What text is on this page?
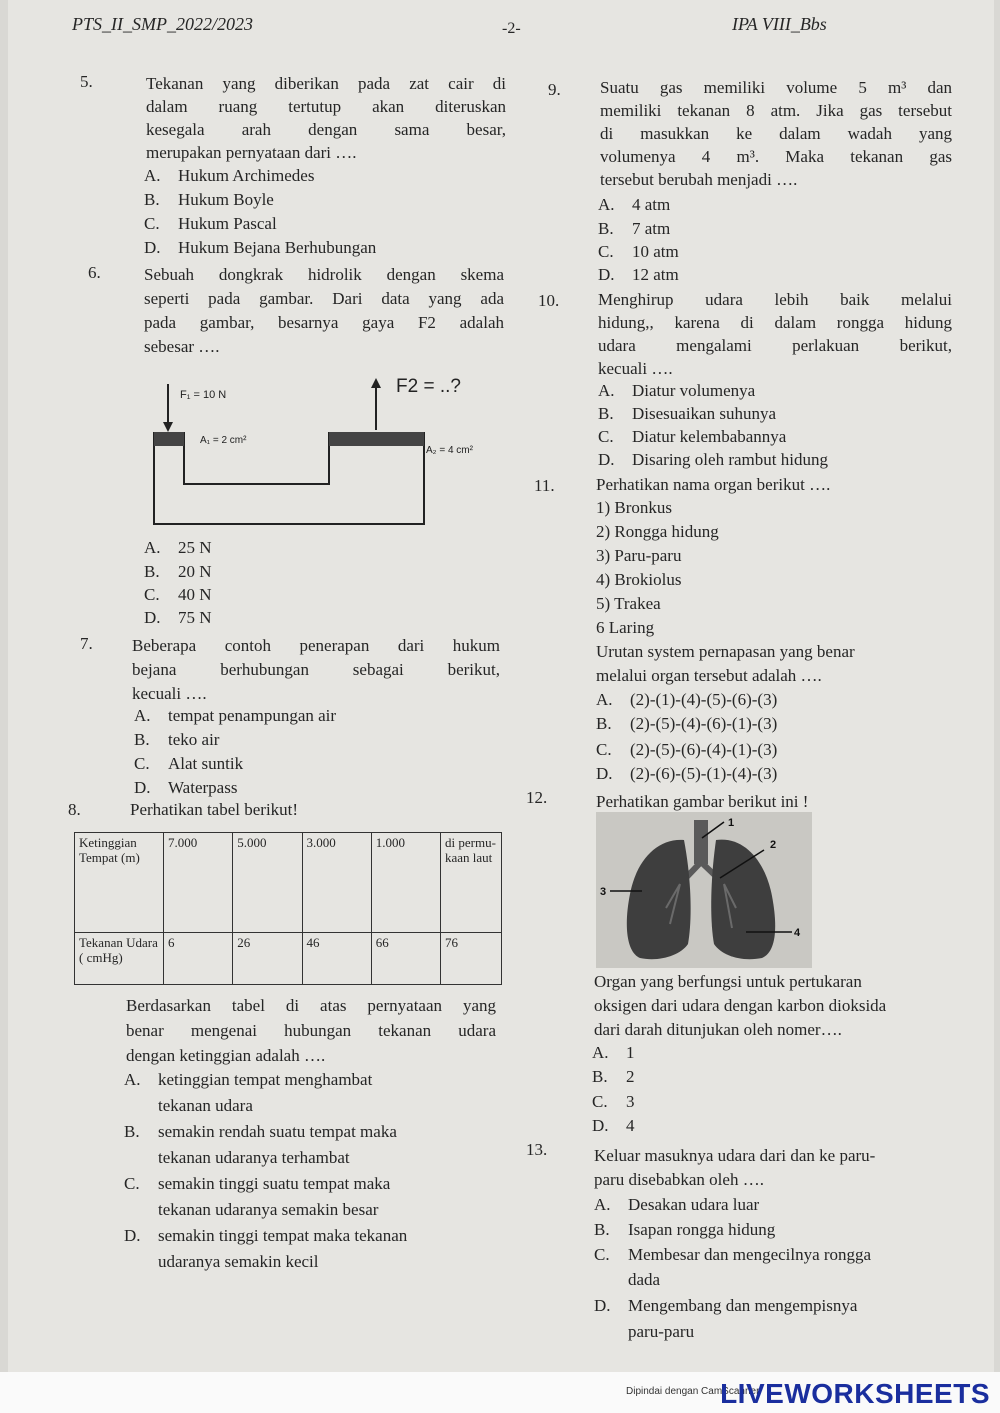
PTS_II_SMP_2022/2023	-2-	IPA VIII_Bbs
5.	Tekanan yang diberikan pada zat cair di
dalam ruang tertutup akan diteruskan
kesegala arah dengan sama besar,
merupakan pernyataan dari ….
A. Hukum Archimedes
B. Hukum Boyle
C. Hukum Pascal
D. Hukum Bejana Berhubungan
6.	Sebuah dongkrak hidrolik dengan skema
seperti pada gambar. Dari data yang ada
pada gambar, besarnya gaya F2 adalah
sebesar ….
F₁ = 10 N	F2 = ..?
A₁ = 2 cm²
A₂ = 4 cm²
A. 25 N
B. 20 N
C. 40 N
D. 75 N
7. Beberapa contoh penerapan dari hukum
bejana berhubungan sebagai berikut,
kecuali ….
A. tempat penampungan air
B. teko air
C. Alat suntik
D. Waterpass
8.	Perhatikan tabel berikut!
Ketinggian Tempat (m)	7.000	5.000	3.000	1.000	di permu-kaan laut
Tekanan Udara ( cmHg)	6	26	46	66	76
Berdasarkan tabel di atas pernyataan yang
benar mengenai hubungan tekanan udara
dengan ketinggian adalah ….
A. ketinggian tempat menghambat
tekanan udara
B. semakin rendah suatu tempat maka
tekanan udaranya terhambat
C. semakin tinggi suatu tempat maka
tekanan udaranya semakin besar
D. semakin tinggi tempat maka tekanan
udaranya semakin kecil
9. Suatu gas memiliki volume 5 m³ dan
memiliki tekanan 8 atm. Jika gas tersebut
di masukkan ke dalam wadah yang
volumenya 4 m³. Maka tekanan gas
tersebut berubah menjadi ….
A. 4 atm
B. 7 atm
C. 10 atm
D. 12 atm
10. Menghirup udara lebih baik melalui
hidung,, karena di dalam rongga hidung
udara mengalami perlakuan berikut,
kecuali ….
A. Diatur volumenya
B. Disesuaikan suhunya
C. Diatur kelembabannya
D. Disaring oleh rambut hidung
11. Perhatikan nama organ berikut ….
1) Bronkus
2) Rongga hidung
3) Paru-paru
4) Brokiolus
5) Trakea
6 Laring
Urutan system pernapasan yang benar
melalui organ tersebut adalah ….
A. (2)-(1)-(4)-(5)-(6)-(3)
B. (2)-(5)-(4)-(6)-(1)-(3)
C. (2)-(5)-(6)-(4)-(1)-(3)
D. (2)-(6)-(5)-(1)-(4)-(3)
12.	Perhatikan gambar berikut ini !
1
2
3
4
Organ yang berfungsi untuk pertukaran
oksigen dari udara dengan karbon dioksida
dari darah ditunjukan oleh nomer….
A. 1
B. 2
C. 3
D. 4
13.	Keluar masuknya udara dari dan ke paru-
paru disebabkan oleh ….
A. Desakan udara luar
B. Isapan rongga hidung
C. Membesar dan mengecilnya rongga
dada
D. Mengembang dan mengempisnya
paru-paru
Dipindai dengan CamScanner
LIVEWORKSHEETS
